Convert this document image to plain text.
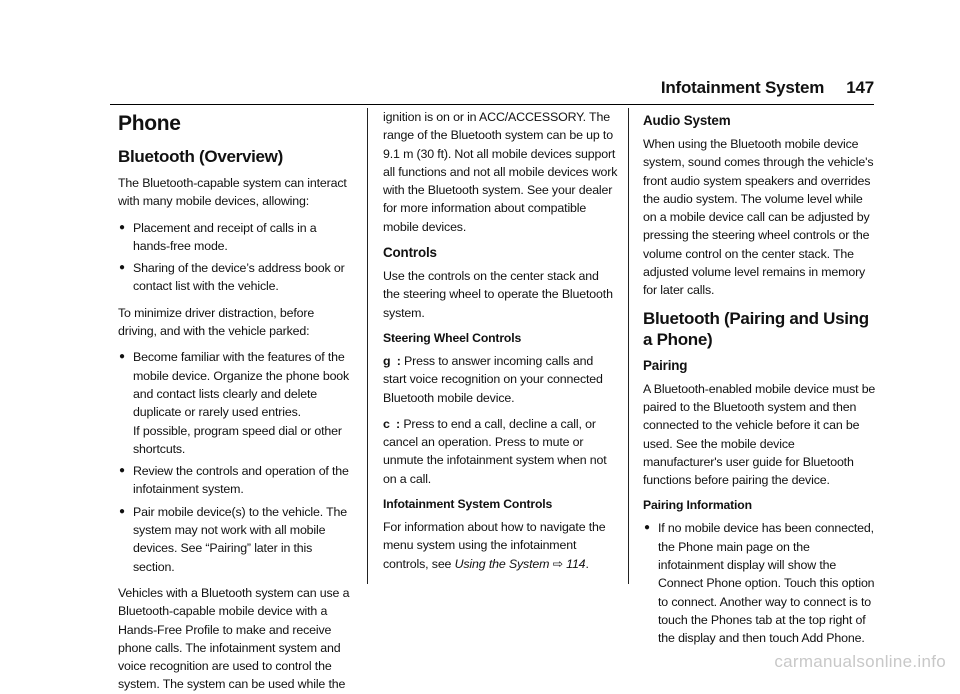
Infotainment System 147
Phone
Bluetooth (Overview)

The Bluetooth-capable system can interact with many mobile devices, allowing:

● Placement and receipt of calls in a hands-free mode.
● Sharing of the device’s address book or contact list with the vehicle.

To minimize driver distraction, before driving, and with the vehicle parked:

● Become familiar with the features of the mobile device. Organize the phone book and contact lists clearly and delete duplicate or rarely used entries.
If possible, program speed dial or other shortcuts.
● Review the controls and operation of the infotainment system.
● Pair mobile device(s) to the vehicle. The system may not work with all mobile devices. See “Pairing” later in this section.

Vehicles with a Bluetooth system can use a Bluetooth-capable mobile device with a Hands-Free Profile to make and receive phone calls. The infotainment system and voice recognition are used to control the system. The system can be used while the

ignition is on or in ACC/ACCESSORY. The range of the Bluetooth system can be up to 9.1 m (30 ft). Not all mobile devices support all functions and not all mobile devices work with the Bluetooth system. See your dealer for more information about compatible mobile devices.

Controls

Use the controls on the center stack and the steering wheel to operate the Bluetooth system.

Steering Wheel Controls

g : Press to answer incoming calls and start voice recognition on your connected Bluetooth mobile device.

c : Press to end a call, decline a call, or cancel an operation. Press to mute or unmute the infotainment system when not on a call.

Infotainment System Controls

For information about how to navigate the menu system using the infotainment controls, see Using the System ⇨ 114.

Audio System

When using the Bluetooth mobile device system, sound comes through the vehicle's front audio system speakers and overrides the audio system. The volume level while on a mobile device call can be adjusted by pressing the steering wheel controls or the volume control on the center stack. The adjusted volume level remains in memory for later calls.

Bluetooth (Pairing and Using a Phone)
Pairing

A Bluetooth-enabled mobile device must be paired to the Bluetooth system and then connected to the vehicle before it can be used. See the mobile device manufacturer's user guide for Bluetooth functions before pairing the device.

Pairing Information
● If no mobile device has been connected, the Phone main page on the infotainment display will show the Connect Phone option. Touch this option to connect. Another way to connect is to touch the Phones tab at the top right of the display and then touch Add Phone.
carmanualsonline.info
